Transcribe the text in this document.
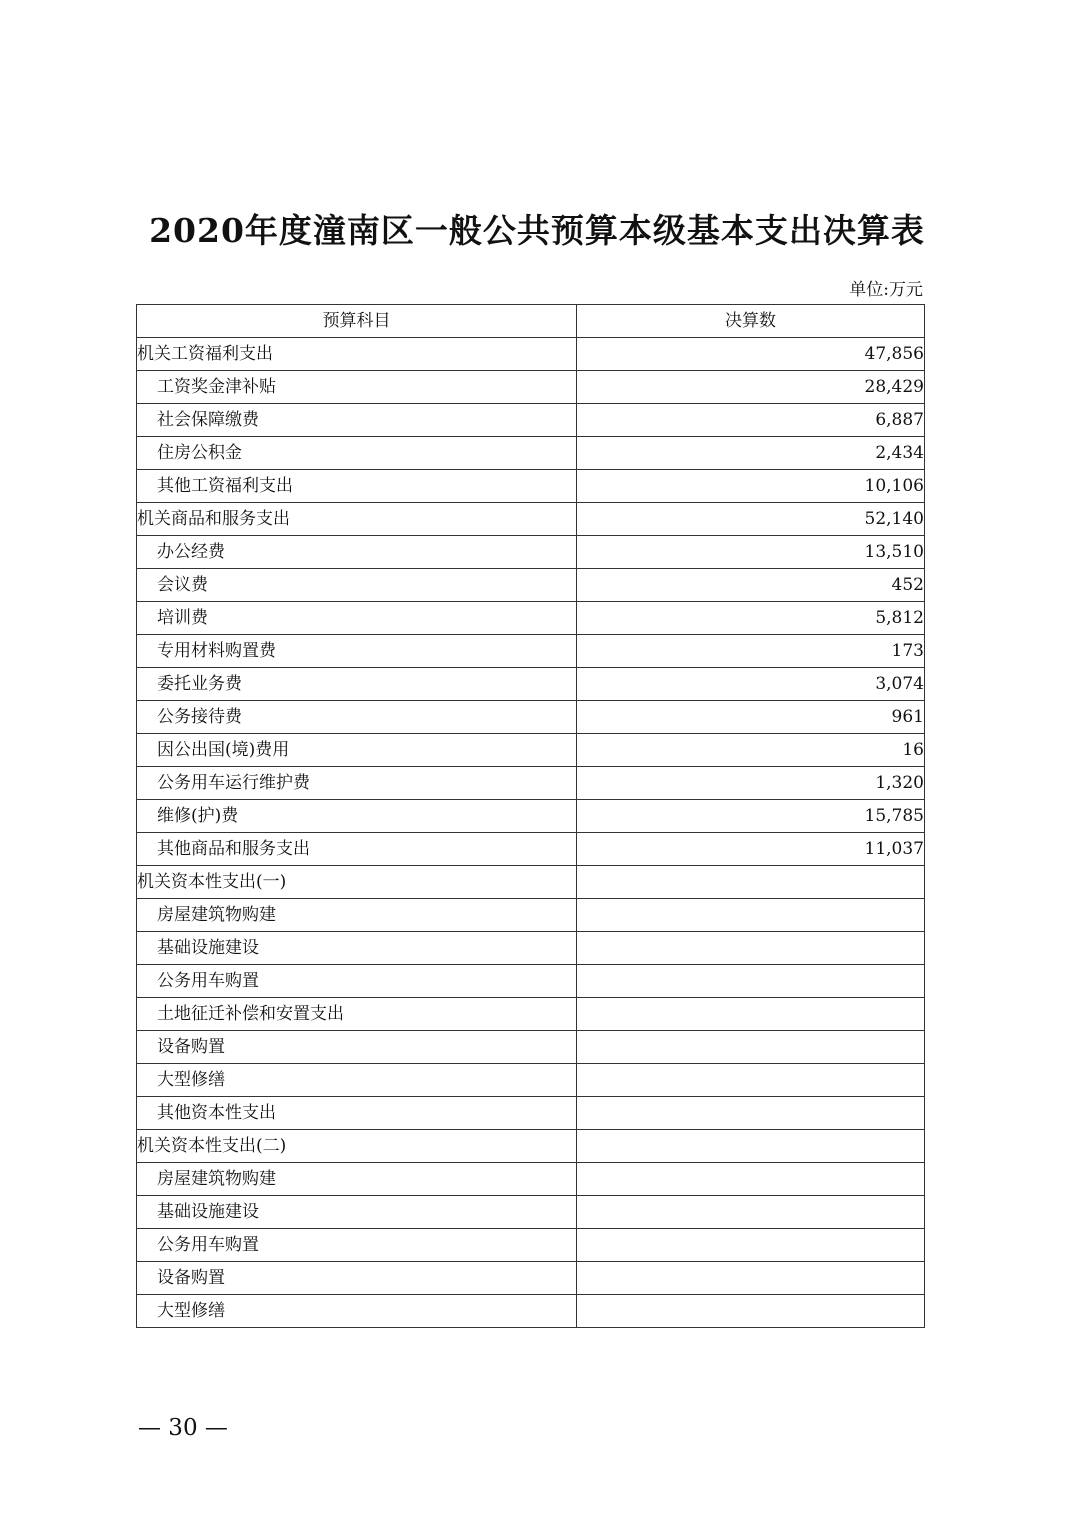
2020年度潼南区一般公共预算本级基本支出决算表
单位:万元
预算科目	决算数
机关工资福利支出	47,856
工资奖金津补贴	28,429
社会保障缴费	6,887
住房公积金	2,434
其他工资福利支出	10,106
机关商品和服务支出	52,140
办公经费	13,510
会议费	452
培训费	5,812
专用材料购置费	173
委托业务费	3,074
公务接待费	961
因公出国(境)费用	16
公务用车运行维护费	1,320
维修(护)费	15,785
其他商品和服务支出	11,037
机关资本性支出(一)	
房屋建筑物购建	
基础设施建设	
公务用车购置	
土地征迁补偿和安置支出	
设备购置	
大型修缮	
其他资本性支出	
机关资本性支出(二)	
房屋建筑物购建	
基础设施建设	
公务用车购置	
设备购置	
大型修缮	
— 30 —
